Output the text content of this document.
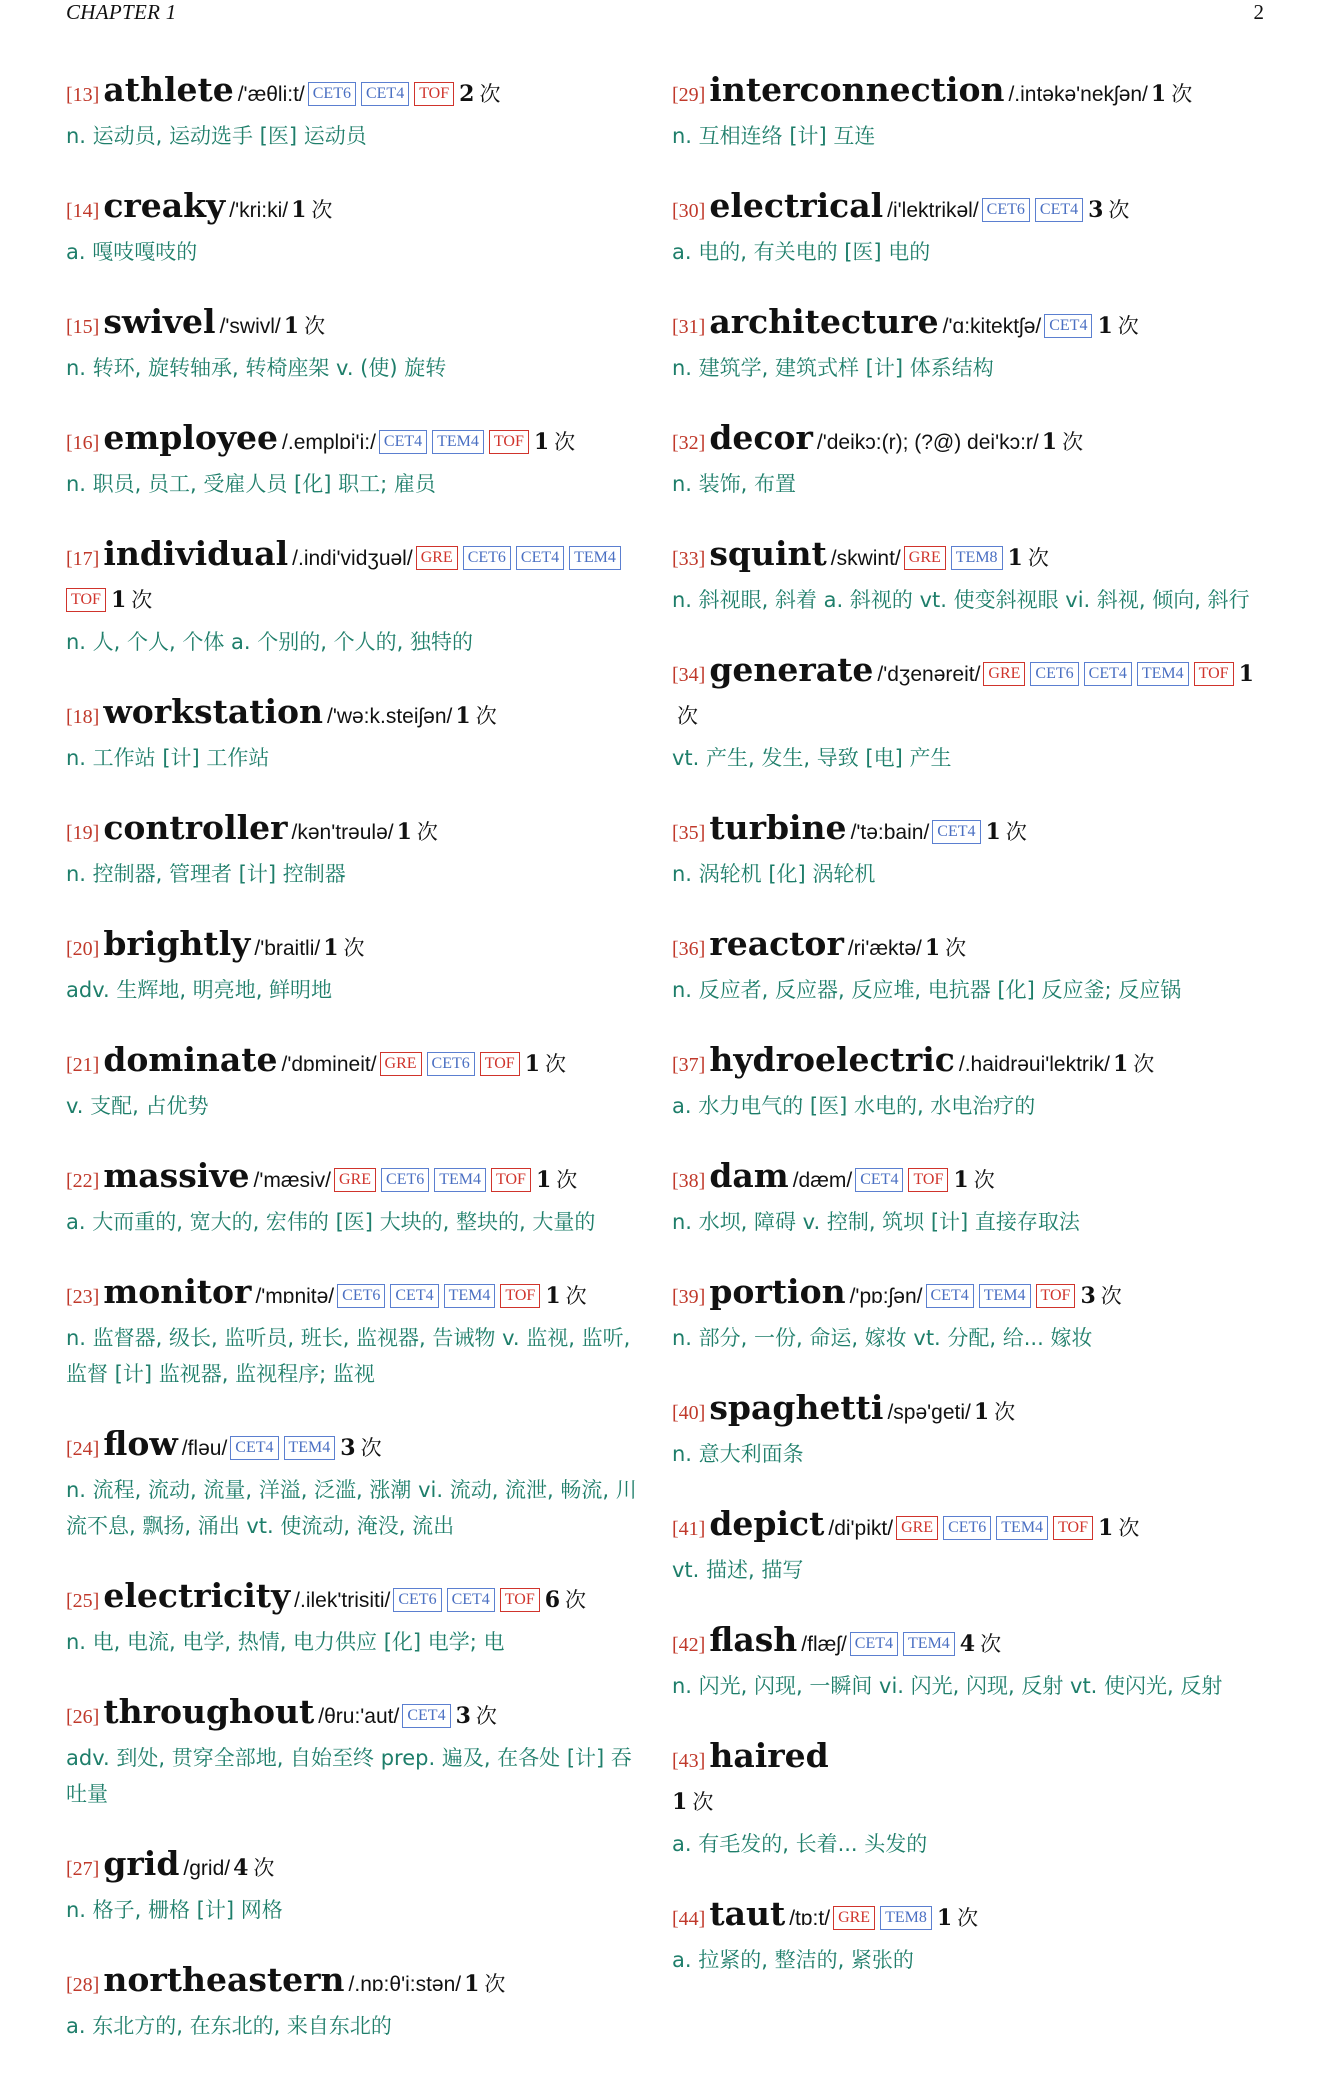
CHAPTER 1	2
[13] athlete /'æθli:t/ CET6 CET4 TOF 2 次
n. 运动员, 运动选手 [医] 运动员
[14] creaky /'kri:ki/ 1 次
a. 嘎吱嘎吱的
[15] swivel /'swivl/ 1 次
n. 转环, 旋转轴承, 转椅座架 v. (使) 旋转
[16] employee /.emplɒi'i:/ CET4 TEM4 TOF 1 次
n. 职员, 员工, 受雇人员 [化] 职工; 雇员
[17] individual /.indi'vidʒuəl/ GRE CET6 CET4 TEM4TOF 1 次
n. 人, 个人, 个体 a. 个别的, 个人的, 独特的
[18] workstation /'wə:k.steiʃən/ 1 次
n. 工作站 [计] 工作站
[19] controller /kən'trəulə/ 1 次
n. 控制器, 管理者 [计] 控制器
[20] brightly /'braitli/ 1 次
adv. 生辉地, 明亮地, 鲜明地
[21] dominate /'dɒmineit/ GRE CET6 TOF 1 次
v. 支配, 占优势
[22] massive /'mæsiv/ GRE CET6 TEM4 TOF 1 次
a. 大而重的, 宽大的, 宏伟的 [医] 大块的, 整块的, 大量的
[23] monitor /'mɒnitə/ CET6 CET4 TEM4 TOF 1 次
n. 监督器, 级长, 监听员, 班长, 监视器, 告诫物 v. 监视, 监听, 监督 [计] 监视器, 监视程序; 监视
[24] flow /fləu/ CET4 TEM4 3 次
n. 流程, 流动, 流量, 洋溢, 泛滥, 涨潮 vi. 流动, 流泄, 畅流, 川流不息, 飘扬, 涌出 vt. 使流动, 淹没, 流出
[25] electricity /.ilek'trisiti/ CET6 CET4 TOF 6 次
n. 电, 电流, 电学, 热情, 电力供应 [化] 电学; 电
[26] throughout /θru:'aut/ CET4 3 次
adv. 到处, 贯穿全部地, 自始至终 prep. 遍及, 在各处 [计] 吞吐量
[27] grid /grid/ 4 次
n. 格子, 栅格 [计] 网格
[28] northeastern /.nɒ:θ'i:stən/ 1 次
a. 东北方的, 在东北的, 来自东北的
[29] interconnection /.intəkə'nekʃən/ 1 次
n. 互相连络 [计] 互连
[30] electrical /i'lektrikəl/ CET6 CET4 3 次
a. 电的, 有关电的 [医] 电的
[31] architecture /'ɑ:kitektʃə/ CET4 1 次
n. 建筑学, 建筑式样 [计] 体系结构
[32] decor /'deikɔ:(r); (?@) dei'kɔ:r/ 1 次
n. 装饰, 布置
[33] squint /skwint/ GRE TEM8 1 次
n. 斜视眼, 斜着 a. 斜视的 vt. 使变斜视眼 vi. 斜视, 倾向, 斜行
[34] generate /'dʒenəreit/ GRE CET6 CET4 TEM4 TOF 1次
vt. 产生, 发生, 导致 [电] 产生
[35] turbine /'tə:bain/ CET4 1 次
n. 涡轮机 [化] 涡轮机
[36] reactor /ri'æktə/ 1 次
n. 反应者, 反应器, 反应堆, 电抗器 [化] 反应釜; 反应锅
[37] hydroelectric /.haidrəui'lektrik/ 1 次
a. 水力电气的 [医] 水电的, 水电治疗的
[38] dam /dæm/ CET4 TOF 1 次
n. 水坝, 障碍 v. 控制, 筑坝 [计] 直接存取法
[39] portion /'pɒ:ʃən/ CET4 TEM4 TOF 3 次
n. 部分, 一份, 命运, 嫁妆 vt. 分配, 给... 嫁妆
[40] spaghetti /spə'geti/ 1 次
n. 意大利面条
[41] depict /di'pikt/ GRE CET6 TEM4 TOF 1 次
vt. 描述, 描写
[42] flash /flæʃ/ CET4 TEM4 4 次
n. 闪光, 闪现, 一瞬间 vi. 闪光, 闪现, 反射 vt. 使闪光, 反射
[43] haired
1 次
a. 有毛发的, 长着... 头发的
[44] taut /tɒ:t/ GRE TEM8 1 次
a. 拉紧的, 整洁的, 紧张的
